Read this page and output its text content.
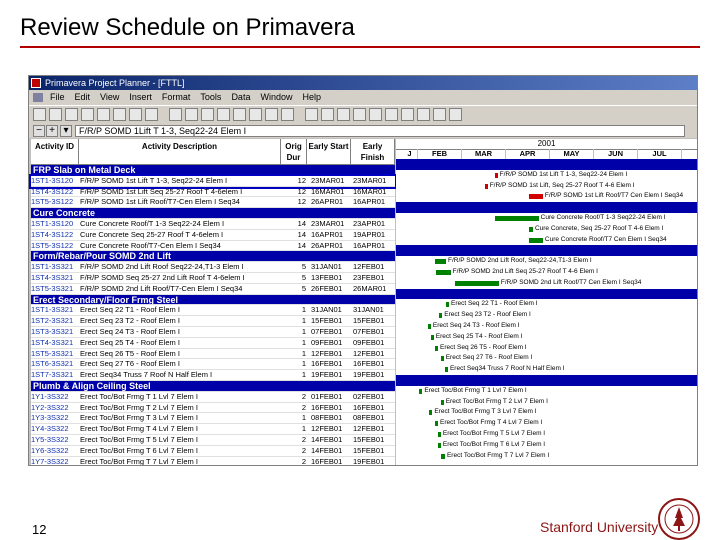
Review Schedule on Primavera
Primavera Project Planner - [FTTL]
File Edit View Insert Format Tools Data Window Help
− + ▾	F/R/P SOMD 1Lift T 1-3, Seq22-24 Elem I
Activity ID	Activity Description	Orig Dur
Early Start	Early Finish
FRP Slab on Metal Deck
1ST1-3S120 F/R/P SOMD 1st Lift T 1-3, Seq22-24 Elem I	12 23MAR01	23MAR01
1ST4-3S122 F/R/P SOMD 1st Lift Seq 25-27 Roof T 4-6elem I	12 16MAR01	16MAR01
1ST5-3S122 F/R/P SOMD 1st Lift Roof/T7-Cen Elem I Seq34	12 26APR01	16APR01
Cure Concrete
1ST1-3S120 Cure Concrete Roof/T 1-3 Seq22-24 Elem I	14 23MAR01	23APR01
1ST4-3S122 Cure Concrete Seq 25-27 Roof T 4-6elem I	14 16APR01	19APR01
1ST5-3S122 Cure Concrete Roof/T7-Cen Elem I Seq34	14 26APR01	16APR01
Form/Rebar/Pour SOMD 2nd Lift
1ST1-3S321 F/R/P SOMD 2nd Lift Roof Seq22-24,T1-3 Elem I	5 31JAN01	12FEB01
1ST4-3S321 F/R/P SOMD Seq 25-27 2nd Lift Roof T 4-6elem I	5 13FEB01	23FEB01
1ST5-3S321 F/R/P SOMD 2nd Lift Roof/T7-Cen Elem I Seq34	5 26FEB01	26MAR01
Erect Secondary/Floor Frmg Steel
1ST1-3S321 Erect Seq 22 T1 - Roof Elem I	1 31JAN01	31JAN01
1ST2-3S321 Erect Seq 23 T2 - Roof Elem I	1 15FEB01	15FEB01
1ST3-3S321 Erect Seq 24 T3 - Roof Elem I	1 07FEB01	07FEB01
1ST4-3S321 Erect Seq 25 T4 - Roof Elem I	1 09FEB01	09FEB01
1ST5-3S321 Erect Seq 26 T5 - Roof Elem I	1 12FEB01	12FEB01
1ST6-3S321 Erect Seq 27 T6 - Roof Elem I	1 16FEB01	16FEB01
1ST7-3S321 Erect Seq34 Truss 7 Roof N Half Elem I	1 19FEB01	19FEB01
Plumb & Align Ceiling Steel
1Y1-3S322	Erect Toc/Bot Frmg T 1 Lvl 7 Elem I	2 01FEB01	02FEB01
1Y2-3S322	Erect Toc/Bot Frmg T 2 Lvl 7 Elem I	2 16FEB01	16FEB01
1Y3-3S322	Erect Toc/Bot Frmg T 3 Lvl 7 Elem I	1 08FEB01	08FEB01
1Y4-3S322	Erect Toc/Bot Frmg T 4 Lvl 7 Elem I	1 12FEB01	12FEB01
1Y5-3S322	Erect Toc/Bot Frmg T 5 Lvl 7 Elem I	2 14FEB01	15FEB01
1Y6-3S322	Erect Toc/Bot Frmg T 6 Lvl 7 Elem I	2 14FEB01	15FEB01
1Y7-3S322	Erect Toc/Bot Frmg T 7 Lvl 7 Elem I	2 16FEB01	19FEB01
2001
J	FEB	MAR	APR	MAY	JUN	JUL
F/R/P SOMD 1st Lift T 1-3, Seq22-24 Elem I
F/R/P SOMD 1st Lift, Seq 25-27 Roof T 4-6 Elem I
F/R/P SOMD 1st Lift Roof/T7 Cen Elem I Seq34
Cure Concrete Roof/T 1-3 Seq22-24 Elem I
Cure Concrete, Seq 25-27 Roof T 4-6 Elem I
Cure Concrete Roof/T7 Cen Elem I Seq34
F/R/P SOMD 2nd Lift Roof, Seq22-24,T1-3 Elem I
F/R/P SOMD 2nd Lift Seq 25-27 Roof T 4-6 Elem I
F/R/P SOMD 2nd Lift Roof/T7 Cen Elem I Seq34
Erect Seq 22 T1 - Roof Elem I
Erect Seq 23 T2 - Roof Elem I
Erect Seq 24 T3 - Roof Elem I
Erect Seq 25 T4 - Roof Elem I
Erect Seq 26 T5 - Roof Elem I
Erect Seq 27 T6 - Roof Elem I
Erect Seq34 Truss 7 Roof N Half Elem I
Erect Toc/Bot Frmg T 1 Lvl 7 Elem I
Erect Toc/Bot Frmg T 2 Lvl 7 Elem I
Erect Toc/Bot Frmg T 3 Lvl 7 Elem I
Erect Toc/Bot Frmg T 4 Lvl 7 Elem I
Erect Toc/Bot Frmg T 5 Lvl 7 Elem I
Erect Toc/Bot Frmg T 6 Lvl 7 Elem I
Erect Toc/Bot Frmg T 7 Lvl 7 Elem I
12	Stanford University
